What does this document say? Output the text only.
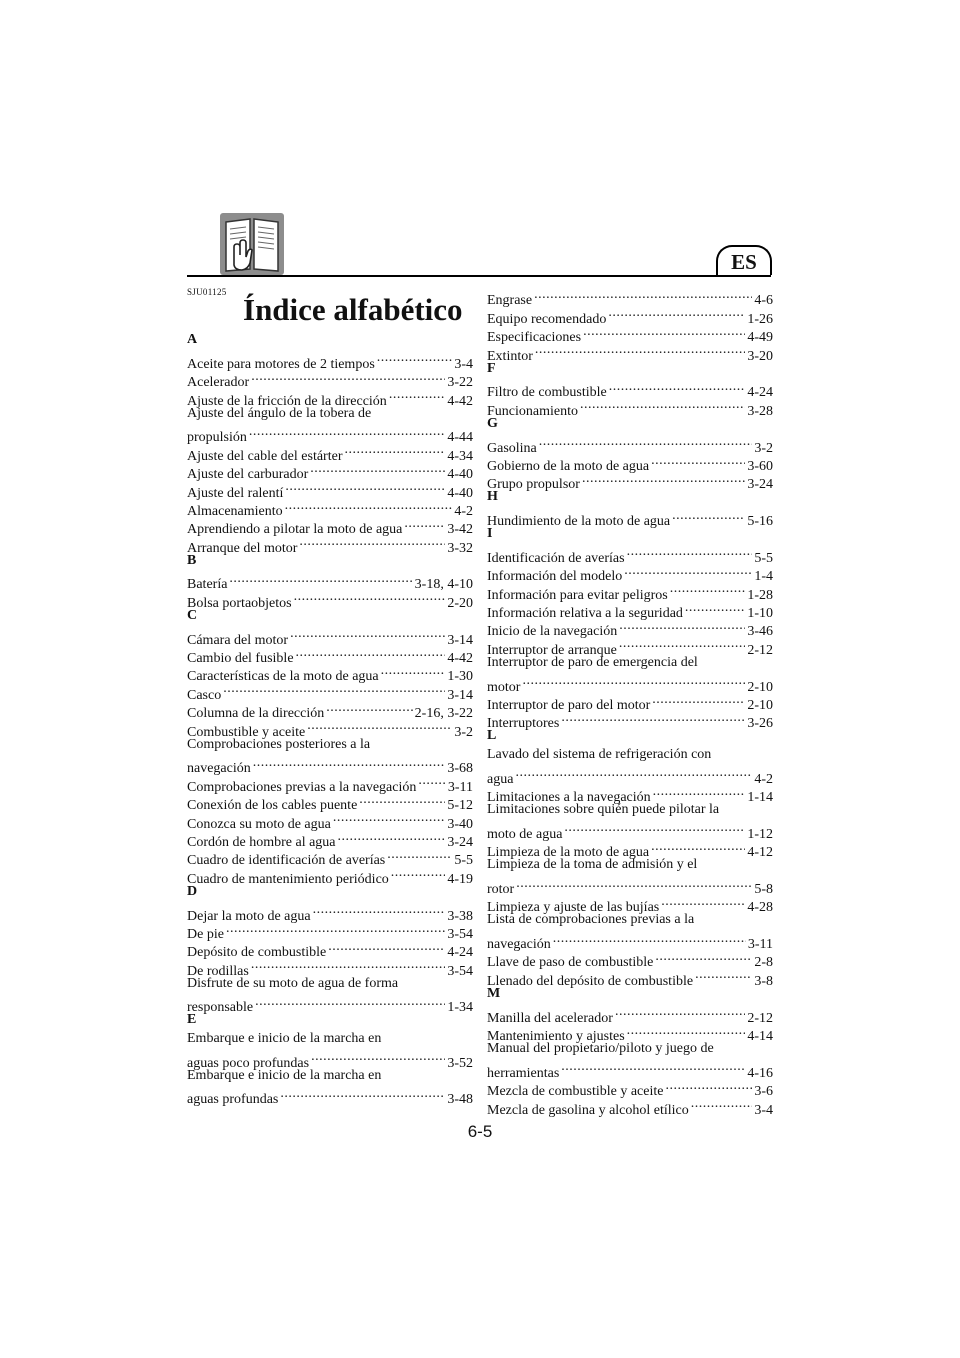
ES
SJU01125 Índice alfabético
A
Aceite para motores de 2 tiempos . . .	3-4
Acelerador . . .	3-22
Ajuste de la fricción de la dirección . . .	4-42
Ajuste del ángulo de la tobera de
propulsión . . .	4-44
Ajuste del cable del estárter . . .	4-34
Ajuste del carburador . . .	4-40
Ajuste del ralentí . . .	4-40
Almacenamiento . . .	4-2
Aprendiendo a pilotar la moto de agua . . .	3-42
Arranque del motor . . .	3-32
B
Batería . . .	3-18, 4-10
Bolsa portaobjetos . . .	2-20
C
Cámara del motor . . .	3-14
Cambio del fusible . . .	4-42
Características de la moto de agua . . .	1-30
Casco . . .	3-14
Columna de la dirección . . .	2-16, 3-22
Combustible y aceite . . .	3-2
Comprobaciones posteriores a la
navegación . . .	3-68
Comprobaciones previas a la navegación . . . 3-11
Conexión de los cables puente . . .	5-12
Conozca su moto de agua . . .	3-40
Cordón de hombre al agua . . .	3-24
Cuadro de identificación de averías . . .	5-5
Cuadro de mantenimiento periódico . . .	4-19
D
Dejar la moto de agua . . .	3-38
De pie . . .	3-54
Depósito de combustible . . .	4-24
De rodillas . . .	3-54
Disfrute de su moto de agua de forma
responsable . . .	1-34
E
Embarque e inicio de la marcha en
aguas poco profundas . . .	3-52
Embarque e inicio de la marcha en
aguas profundas . . .	3-48
Engrase . . .	4-6
Equipo recomendado . . .	1-26
Especificaciones . . .	4-49
Extintor . . .	3-20
F
Filtro de combustible . . .	4-24
Funcionamiento . . .	3-28
G
Gasolina . . .	3-2
Gobierno de la moto de agua . . .	3-60
Grupo propulsor . . .	3-24
H
Hundimiento de la moto de agua . . .	5-16
I
Identificación de averías . . .	5-5
Información del modelo . . .	1-4
Información para evitar peligros . . .	1-28
Información relativa a la seguridad . . .	1-10
Inicio de la navegación . . .	3-46
Interruptor de arranque . . .	2-12
Interruptor de paro de emergencia del
motor . . .	2-10
Interruptor de paro del motor . . .	2-10
Interruptores . . .	3-26
L
Lavado del sistema de refrigeración con
agua . . .	4-2
Limitaciones a la navegación . . .	1-14
Limitaciones sobre quién puede pilotar la
moto de agua . . .	1-12
Limpieza de la moto de agua . . .	4-12
Limpieza de la toma de admisión y el
rotor . . .	5-8
Limpieza y ajuste de las bujías . . .	4-28
Lista de comprobaciones previas a la
navegación . . .	3-11
Llave de paso de combustible . . .	2-8
Llenado del depósito de combustible . . .	3-8
M
Manilla del acelerador . . .	2-12
Mantenimiento y ajustes . . .	4-14
Manual del propietario/piloto y juego de
herramientas . . .	4-16
Mezcla de combustible y aceite . . .	3-6
Mezcla de gasolina y alcohol etílico . . .	3-4
6-5
